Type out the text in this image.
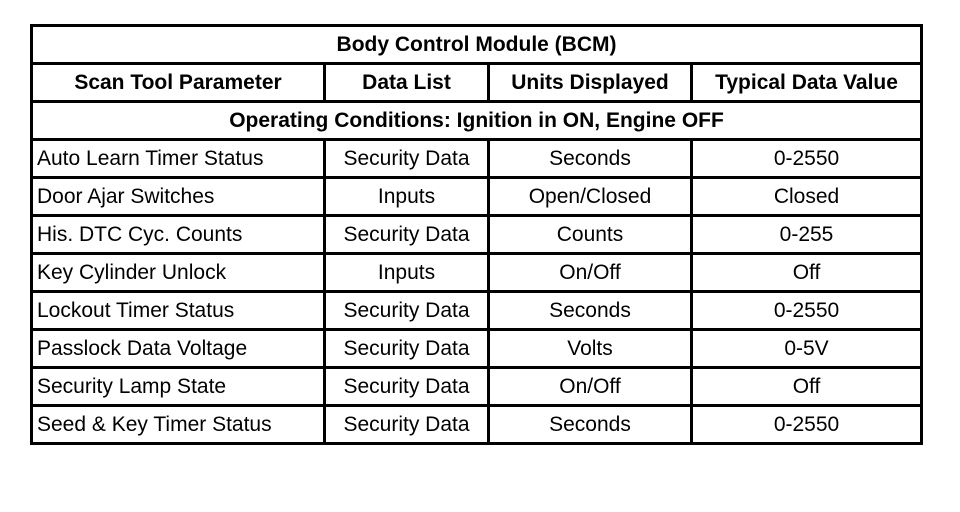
Body Control Module (BCM)			
Scan Tool Parameter	Data List	Units Displayed	Typical Data Value
Operating Conditions: Ignition in ON, Engine OFF			
Auto Learn Timer Status	Security Data	Seconds	0-2550
Door Ajar Switches	Inputs	Open/Closed	Closed
His. DTC Cyc. Counts	Security Data	Counts	0-255
Key Cylinder Unlock	Inputs	On/Off	Off
Lockout Timer Status	Security Data	Seconds	0-2550
Passlock Data Voltage	Security Data	Volts	0-5V
Security Lamp State	Security Data	On/Off	Off
Seed & Key Timer Status	Security Data	Seconds	0-2550
